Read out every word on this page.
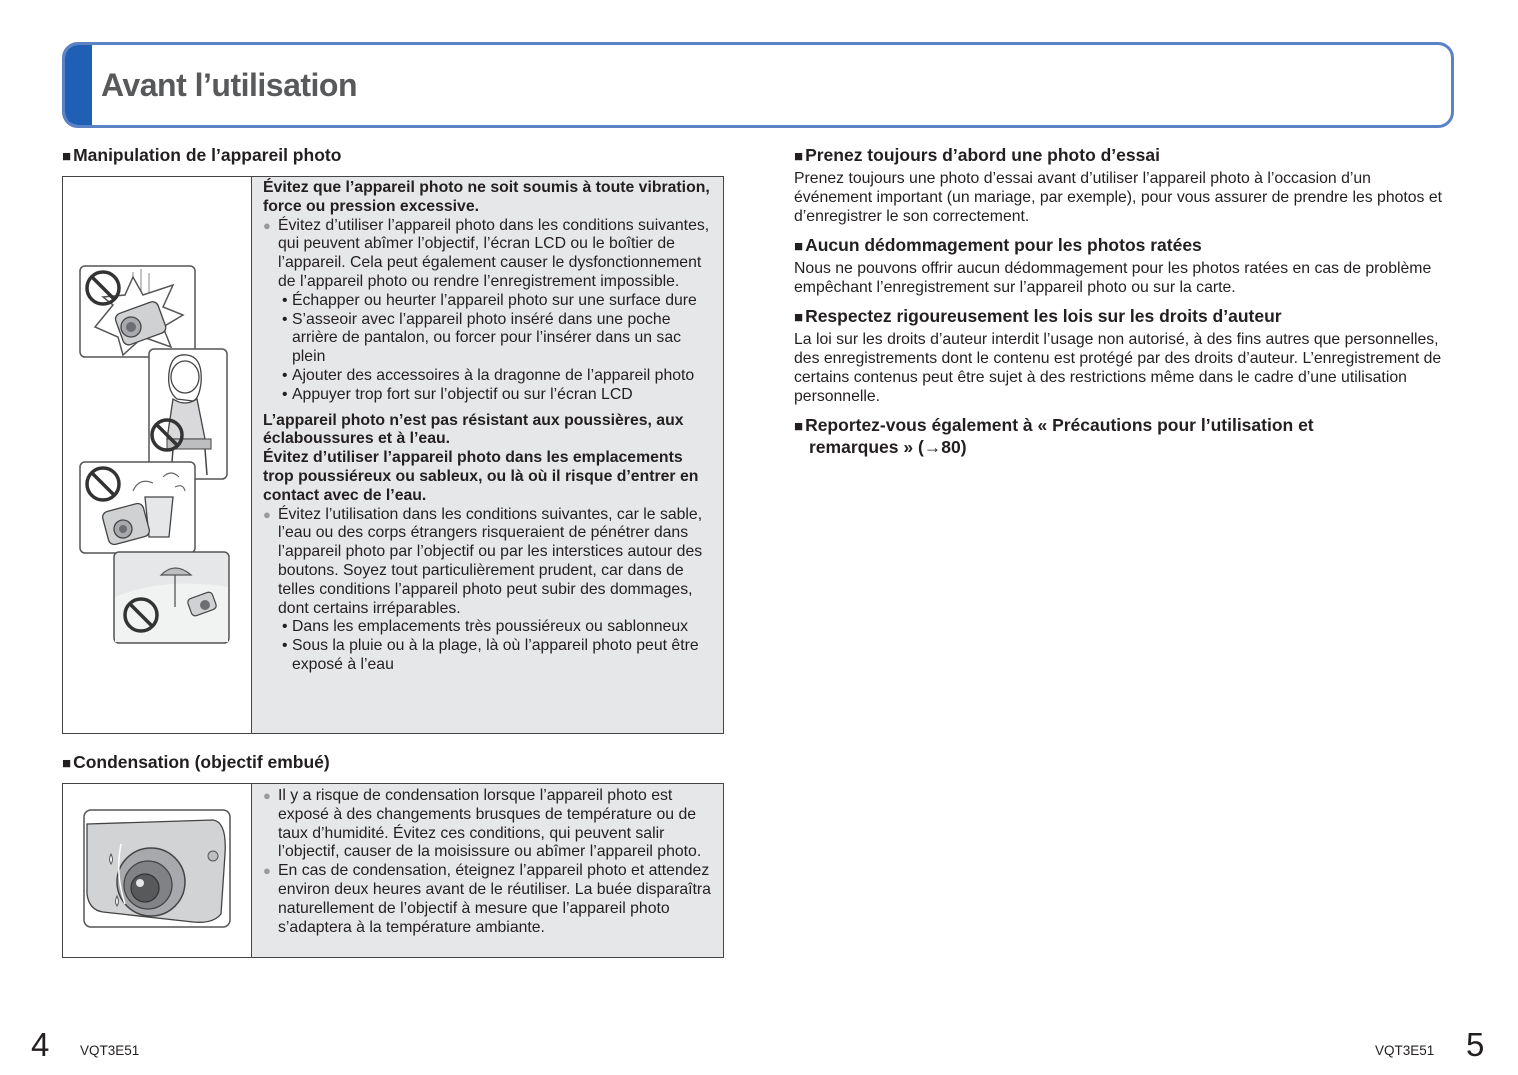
Avant l’utilisation
■ Manipulation de l’appareil photo

Évitez que l’appareil photo ne soit soumis à toute vibration, force ou pression excessive.

● Évitez d’utiliser l’appareil photo dans les conditions suivantes, qui peuvent abîmer l’objectif, l’écran LCD ou le boîtier de l’appareil. Cela peut également causer le dysfonctionnement de l’appareil photo ou rendre l’enregistrement impossible.

• Échapper ou heurter l’appareil photo sur une surface dure

• S’asseoir avec l’appareil photo inséré dans une poche arrière de pantalon, ou forcer pour l’insérer dans un sac plein

• Ajouter des accessoires à la dragonne de l’appareil photo

• Appuyer trop fort sur l’objectif ou sur l’écran LCD

L’appareil photo n’est pas résistant aux poussières, aux éclaboussures et à l’eau.

Évitez d’utiliser l’appareil photo dans les emplacements trop poussiéreux ou sableux, ou là où il risque d’entrer en contact avec de l’eau.

● Évitez l’utilisation dans les conditions suivantes, car le sable, l’eau ou des corps étrangers risqueraient de pénétrer dans l’appareil photo par l’objectif ou par les interstices autour des boutons. Soyez tout particulièrement prudent, car dans de telles conditions l’appareil photo peut subir des dommages, dont certains irréparables.

• Dans les emplacements très poussiéreux ou sablonneux

• Sous la pluie ou à la plage, là où l’appareil photo peut être exposé à l’eau

■ Condensation (objectif embué)

● Il y a risque de condensation lorsque l’appareil photo est exposé à des changements brusques de température ou de taux d’humidité. Évitez ces conditions, qui peuvent salir l’objectif, causer de la moisissure ou abîmer l’appareil photo.

● En cas de condensation, éteignez l’appareil photo et attendez environ deux heures avant de le réutiliser. La buée disparaîtra naturellement de l’objectif à mesure que l’appareil photo s’adaptera à la température ambiante.

■ Prenez toujours d’abord une photo d’essai

Prenez toujours une photo d’essai avant d’utiliser l’appareil photo à l’occasion d’un événement important (un mariage, par exemple), pour vous assurer de prendre les photos et d’enregistrer le son correctement.

■ Aucun dédommagement pour les photos ratées

Nous ne pouvons offrir aucun dédommagement pour les photos ratées en cas de problème empêchant l’enregistrement sur l’appareil photo ou sur la carte.

■ Respectez rigoureusement les lois sur les droits d’auteur

La loi sur les droits d’auteur interdit l’usage non autorisé, à des fins autres que personnelles, des enregistrements dont le contenu est protégé par des droits d’auteur. L’enregistrement de certains contenus peut être sujet à des restrictions même dans le cadre d’une utilisation personnelle.

■ Reportez-vous également à « Précautions pour l’utilisation et remarques » (→80)
4 VQT3E51	VQT3E51 5
